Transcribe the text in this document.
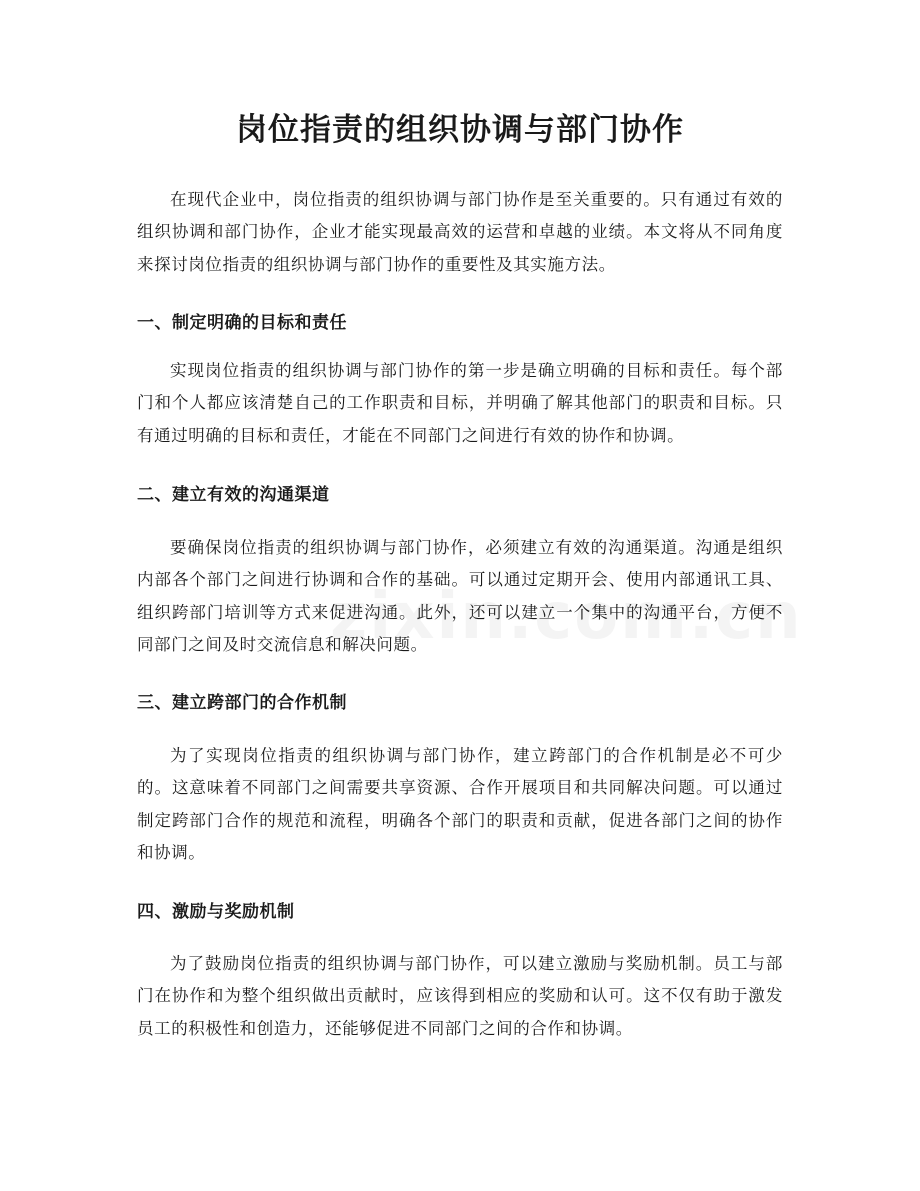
岗位指责的组织协调与部门协作

在现代企业中，岗位指责的组织协调与部门协作是至关重要的。只有通过有效的组织协调和部门协作，企业才能实现最高效的运营和卓越的业绩。本文将从不同角度来探讨岗位指责的组织协调与部门协作的重要性及其实施方法。

一、制定明确的目标和责任

实现岗位指责的组织协调与部门协作的第一步是确立明确的目标和责任。每个部门和个人都应该清楚自己的工作职责和目标，并明确了解其他部门的职责和目标。只有通过明确的目标和责任，才能在不同部门之间进行有效的协作和协调。

二、建立有效的沟通渠道

要确保岗位指责的组织协调与部门协作，必须建立有效的沟通渠道。沟通是组织内部各个部门之间进行协调和合作的基础。可以通过定期开会、使用内部通讯工具、组织跨部门培训等方式来促进沟通。此外，还可以建立一个集中的沟通平台，方便不同部门之间及时交流信息和解决问题。

三、建立跨部门的合作机制

为了实现岗位指责的组织协调与部门协作，建立跨部门的合作机制是必不可少的。这意味着不同部门之间需要共享资源、合作开展项目和共同解决问题。可以通过制定跨部门合作的规范和流程，明确各个部门的职责和贡献，促进各部门之间的协作和协调。

四、激励与奖励机制

为了鼓励岗位指责的组织协调与部门协作，可以建立激励与奖励机制。员工与部门在协作和为整个组织做出贡献时，应该得到相应的奖励和认可。这不仅有助于激发员工的积极性和创造力，还能够促进不同部门之间的合作和协调。
